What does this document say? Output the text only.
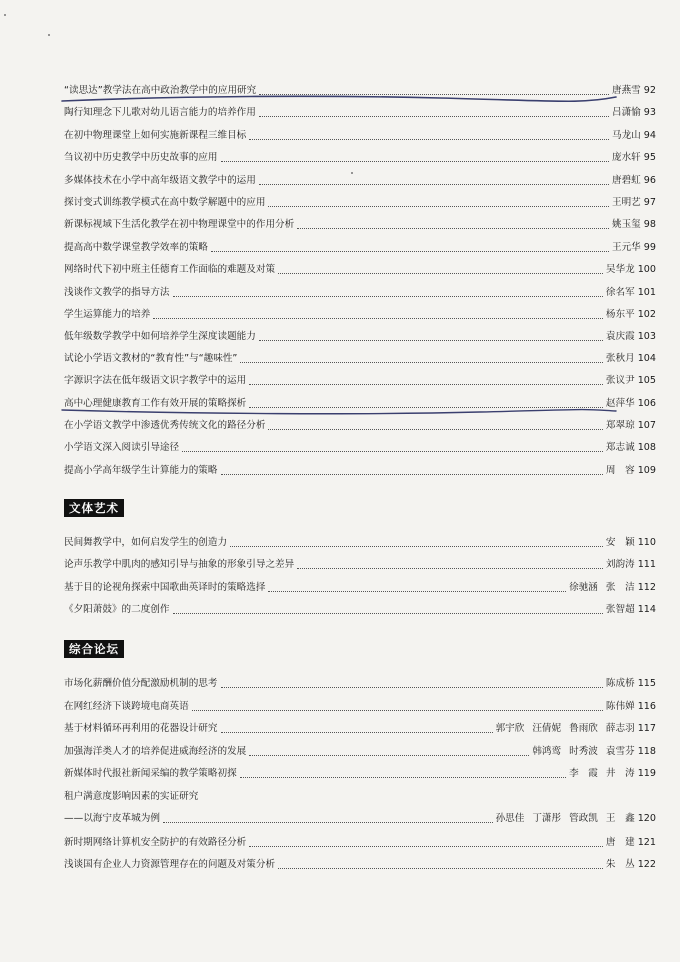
“读思达”教学法在高中政治教学中的应用研究	唐燕雪 92
陶行知理念下儿歌对幼儿语言能力的培养作用	吕潇愉 93
在初中物理课堂上如何实施新课程三维目标	马龙山 94
刍议初中历史教学中历史故事的应用	庞水轩 95
多媒体技术在小学中高年级语文教学中的运用	唐碧虹 96
探讨变式训练教学模式在高中数学解题中的应用	王明艺 97
新课标视域下生活化教学在初中物理课堂中的作用分析	姚玉玺 98
提高高中数学课堂教学效率的策略	王元华 99
网络时代下初中班主任德育工作面临的难题及对策	吴华龙 100
浅谈作文教学的指导方法	徐名军 101
学生运算能力的培养	杨东平 102
低年级数学教学中如何培养学生深度读题能力	袁庆霞 103
试论小学语文教材的“教育性”与“趣味性”	张秋月 104
字源识字法在低年级语文识字教学中的运用	张议尹 105
高中心理健康教育工作有效开展的策略探析	赵萍华 106
在小学语文教学中渗透优秀传统文化的路径分析	郑翠琼 107
小学语文深入阅读引导途径	郑志诚 108
提高小学高年级学生计算能力的策略	周　容 109
文体艺术
民间舞教学中，如何启发学生的创造力	安　颖 110
论声乐教学中肌肉的感知引导与抽象的形象引导之差异	刘韵涛 111
基于目的论视角探索中国歌曲英译时的策略选择	徐驰涵 张　洁 112
《夕阳萧鼓》的二度创作	张智超 114
综合论坛
市场化薪酬价值分配激励机制的思考	陈成桥 115
在网红经济下谈跨境电商英语	陈伟婵 116
基于材料循环再利用的花器设计研究	郭宇欣 汪倩妮 鲁雨欣 薛志羽 117
加强海洋类人才的培养促进威海经济的发展	韩鸿鸾 时秀波 袁雪芬 118
新媒体时代报社新闻采编的教学策略初探	李　霞 井　涛 119
租户满意度影响因素的实证研究
——以海宁皮革城为例	孙思佳 丁潇彤 管政凯 王　鑫 120
新时期网络计算机安全防护的有效路径分析	唐　建 121
浅谈国有企业人力资源管理存在的问题及对策分析	朱　丛 122
